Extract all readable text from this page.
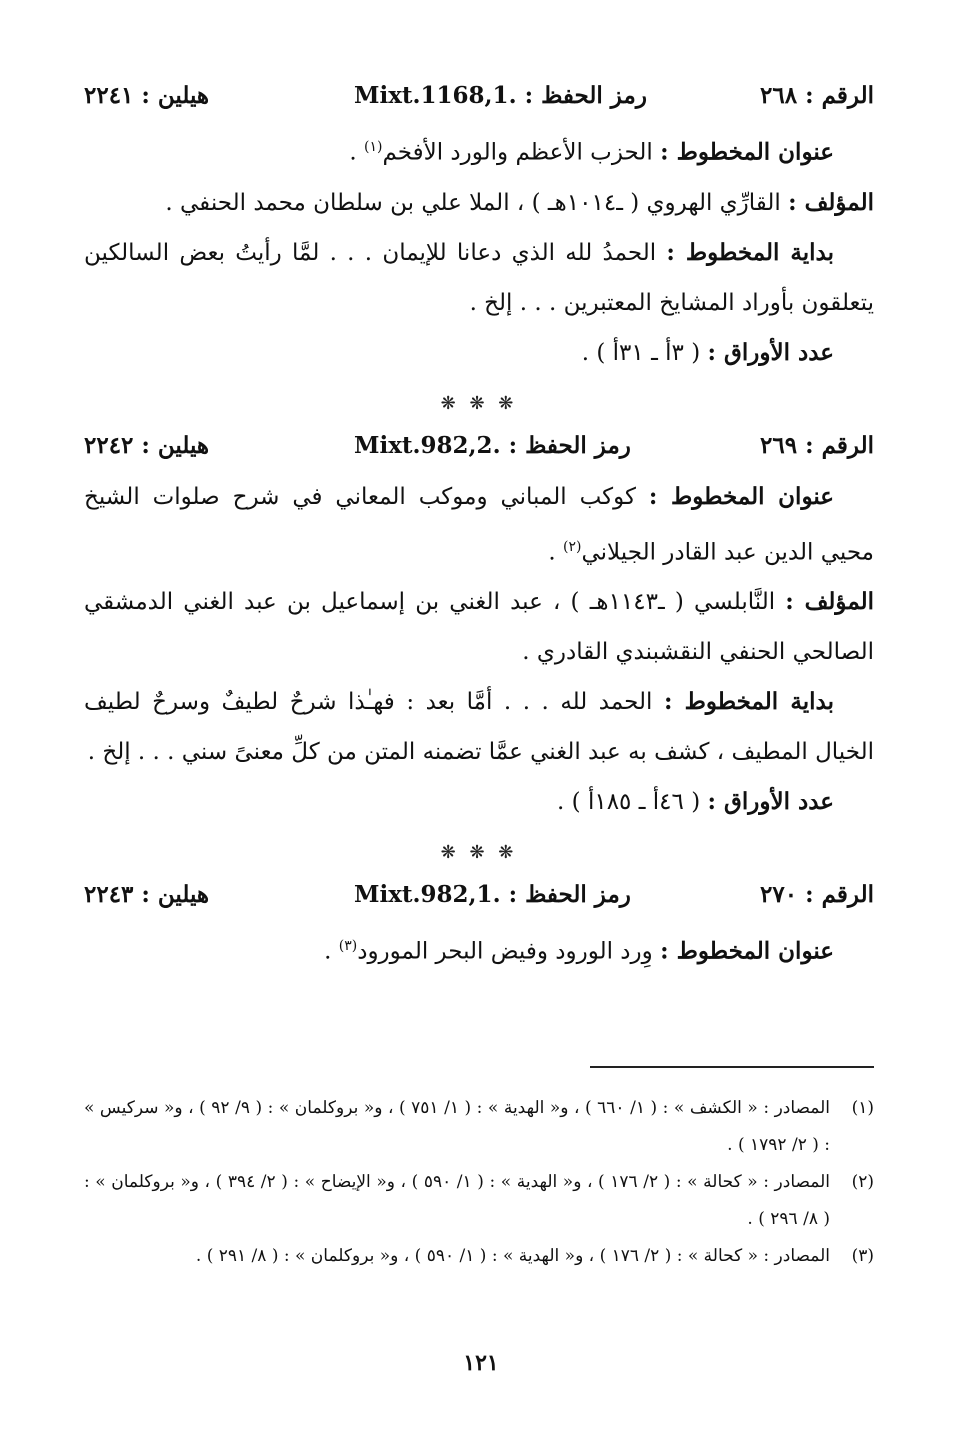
الرقم : ٢٦٨
رمز الحفظ : .Mixt.1168,1
هيلين : ٢٢٤١

عنوان المخطوط : الحزب الأعظم والورد الأفخم$^{(١)}$ .

المؤلف : القارِّي الهروي ( ـ١٠١٤هـ ) ، الملا علي بن سلطان محمد الحنفي .

بداية المخطوط : الحمدُ لله الذي دعانا للإيمان . . . لمَّا رأيتُ بعض السالكين يتعلقون بأوراد المشايخ المعتبرين . . . إلخ .

عدد الأوراق : ( ٣أ ـ ٣١أ ) .

❋ ❋ ❋
الرقم : ٢٦٩
رمز الحفظ : .Mixt.982,2
هيلين : ٢٢٤٢

عنوان المخطوط : كوكب المباني وموكب المعاني في شرح صلوات الشيخ محيي الدين عبد القادر الجيلاني$^{(٢)}$ .

المؤلف : النَّابلسي ( ـ١١٤٣هـ ) ، عبد الغني بن إسماعيل بن عبد الغني الدمشقي الصالحي الحنفي النقشبندي القادري .

بداية المخطوط : الحمد لله . . . أمَّا بعد : فهـٰذا شرحٌ لطيفٌ وسرحٌ لطيف الخيال المطيف ، كشف به عبد الغني عمَّا تضمنه المتن من كلِّ معنىً سني . . . إلخ .

عدد الأوراق : ( ٤٦أ ـ ١٨٥أ ) .

❋ ❋ ❋
الرقم : ٢٧٠
رمز الحفظ : .Mixt.982,1
هيلين : ٢٢٤٣

عنوان المخطوط : وِرد الورود وفيض البحر المورود$^{(٣)}$ .

(١)
المصادر : « الكشف » : ( ١/ ٦٦٠ ) ، و« الهدية » : ( ١/ ٧٥١ ) ، و« بروكلمان » : ( ٩/ ٩٢ ) ، و« سركيس » : ( ٢/ ١٧٩٢ ) .

(٢)
المصادر : « كحالة » : ( ٢/ ١٧٦ ) ، و« الهدية » : ( ١/ ٥٩٠ ) ، و« الإيضاح » : ( ٢/ ٣٩٤ ) ، و« بروكلمان » : ( ٨/ ٢٩٦ ) .

(٣)
المصادر : « كحالة » : ( ٢/ ١٧٦ ) ، و« الهدية » : ( ١/ ٥٩٠ ) ، و« بروكلمان » : ( ٨/ ٢٩١ ) .

١٢١
